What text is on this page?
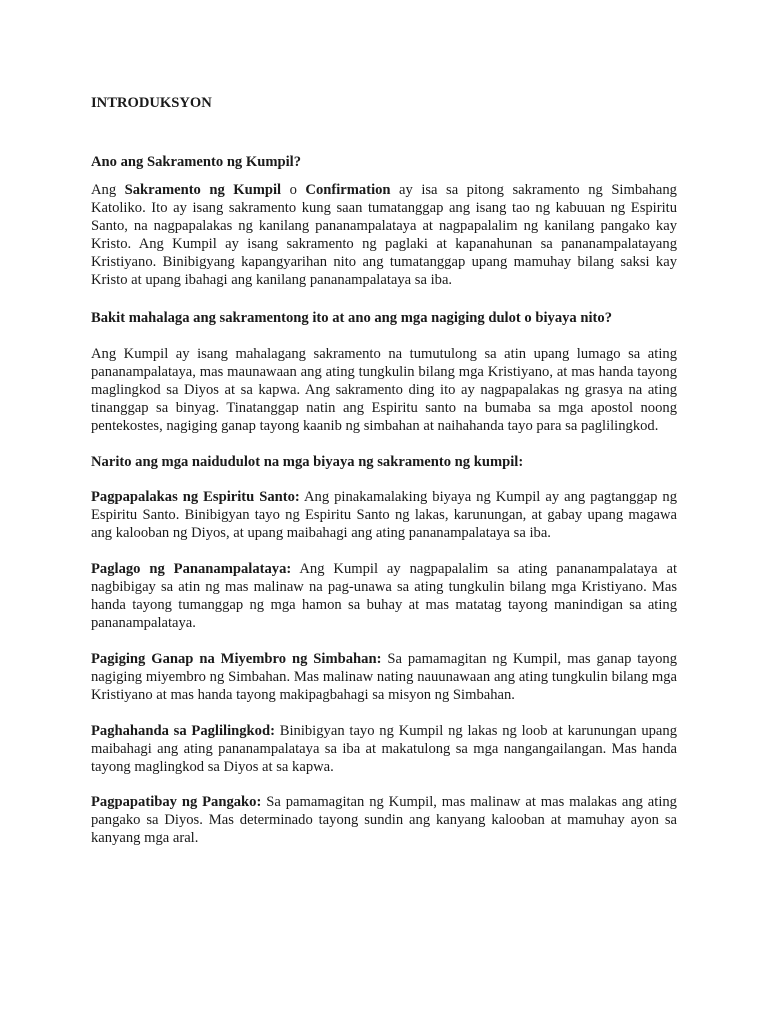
INTRODUKSYON

Ano ang Sakramento ng Kumpil?

Ang Sakramento ng Kumpil o Confirmation ay isa sa pitong sakramento ng Simbahang Katoliko. Ito ay isang sakramento kung saan tumatanggap ang isang tao ng kabuuan ng Espiritu Santo, na nagpapalakas ng kanilang pananampalataya at nagpapalalim ng kanilang pangako kay Kristo. Ang Kumpil ay isang sakramento ng paglaki at kapanahunan sa pananampalatayang Kristiyano. Binibigyang kapangyarihan nito ang tumatanggap upang mamuhay bilang saksi kay Kristo at upang ibahagi ang kanilang pananampalataya sa iba.

Bakit mahalaga ang sakramentong ito at ano ang mga nagiging dulot o biyaya nito?

Ang Kumpil ay isang mahalagang sakramento na tumutulong sa atin upang lumago sa ating pananampalataya, mas maunawaan ang ating tungkulin bilang mga Kristiyano, at mas handa tayong maglingkod sa Diyos at sa kapwa. Ang sakramento ding ito ay nagpapalakas ng grasya na ating tinanggap sa binyag. Tinatanggap natin ang Espiritu santo na bumaba sa mga apostol noong pentekostes, nagiging ganap tayong kaanib ng simbahan at naihahanda tayo para sa paglilingkod.

Narito ang mga naidudulot na mga biyaya ng sakramento ng kumpil:

Pagpapalakas ng Espiritu Santo: Ang pinakamalaking biyaya ng Kumpil ay ang pagtanggap ng Espiritu Santo. Binibigyan tayo ng Espiritu Santo ng lakas, karunungan, at gabay upang magawa ang kalooban ng Diyos, at upang maibahagi ang ating pananampalataya sa iba.

Paglago ng Pananampalataya: Ang Kumpil ay nagpapalalim sa ating pananampalataya at nagbibigay sa atin ng mas malinaw na pag-unawa sa ating tungkulin bilang mga Kristiyano. Mas handa tayong tumanggap ng mga hamon sa buhay at mas matatag tayong manindigan sa ating pananampalataya.

Pagiging Ganap na Miyembro ng Simbahan: Sa pamamagitan ng Kumpil, mas ganap tayong nagiging miyembro ng Simbahan. Mas malinaw nating nauunawaan ang ating tungkulin bilang mga Kristiyano at mas handa tayong makipagbahagi sa misyon ng Simbahan.

Paghahanda sa Paglilingkod: Binibigyan tayo ng Kumpil ng lakas ng loob at karunungan upang maibahagi ang ating pananampalataya sa iba at makatulong sa mga nangangailangan. Mas handa tayong maglingkod sa Diyos at sa kapwa.

Pagpapatibay ng Pangako: Sa pamamagitan ng Kumpil, mas malinaw at mas malakas ang ating pangako sa Diyos. Mas determinado tayong sundin ang kanyang kalooban at mamuhay ayon sa kanyang mga aral.
